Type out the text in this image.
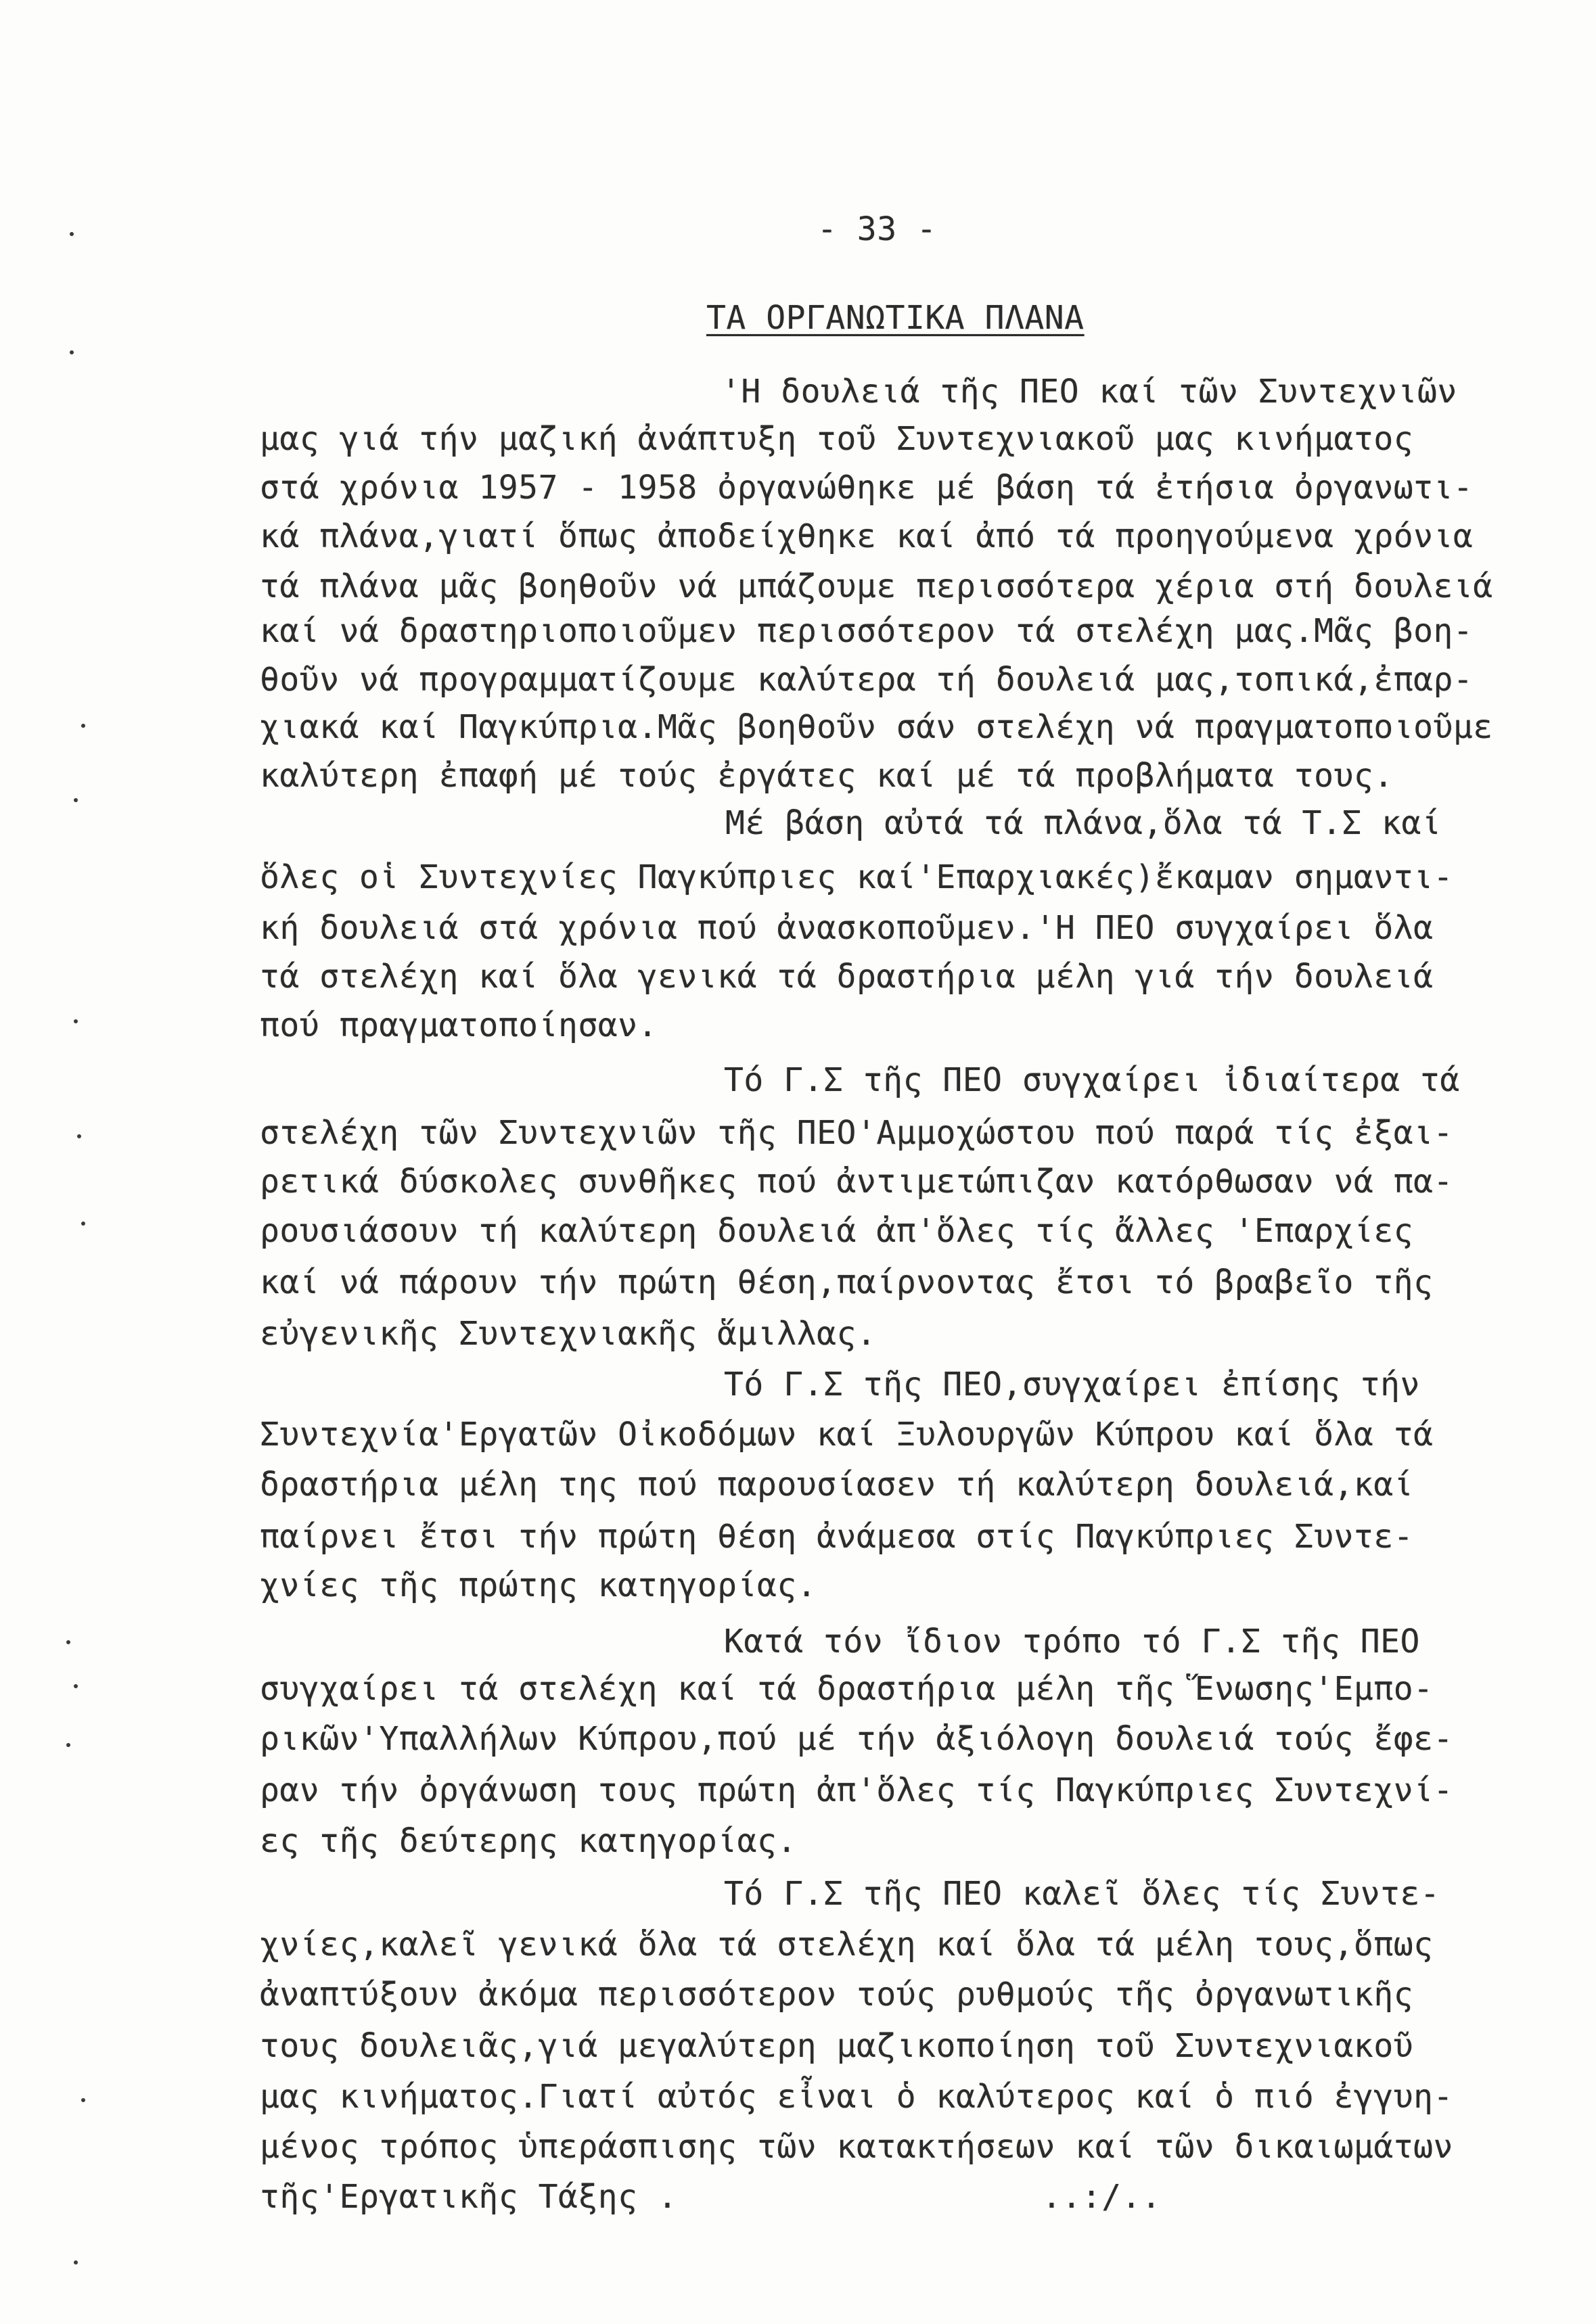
- 33 -
ΤΑ ΟΡΓΑΝΩΤΙΚΑ ΠΛΑΝΑ
'Η δουλειά τῆς ΠΕΟ καί τῶν Συντεχνιῶν
μας γιά τήν μαζική ἀνάπτυξη τοῦ Συντεχνιακοῦ μας κινήματος
στά χρόνια 1957 - 1958 ὀργανώθηκε μέ βάση τά ἐτήσια ὀργανωτι-
κά πλάνα,γιατί ὅπως ἀποδείχθηκε καί ἀπό τά προηγούμενα χρόνια
τά πλάνα μᾶς βοηθοῦν νά μπάζουμε περισσότερα χέρια στή δουλειά
καί νά δραστηριοποιοῦμεν περισσότερον τά στελέχη μας.Μᾶς βοη-
θοῦν νά προγραμματίζουμε καλύτερα τή δουλειά μας,τοπικά,ἐπαρ-
χιακά καί Παγκύπρια.Μᾶς βοηθοῦν σάν στελέχη νά πραγματοποιοῦμε
καλύτερη ἐπαφή μέ τούς ἐργάτες καί μέ τά προβλήματα τους.
Μέ βάση αὐτά τά πλάνα,ὅλα τά Τ.Σ καί
ὅλες οἱ Συντεχνίες Παγκύπριες καί'Επαρχιακές)ἔκαμαν σημαντι-
κή δουλειά στά χρόνια πού ἀνασκοποῦμεν.'Η ΠΕΟ συγχαίρει ὅλα
τά στελέχη καί ὅλα γενικά τά δραστήρια μέλη γιά τήν δουλειά
πού πραγματοποίησαν.
Τό Γ.Σ τῆς ΠΕΟ συγχαίρει ἰδιαίτερα τά
στελέχη τῶν Συντεχνιῶν τῆς ΠΕΟ'Αμμοχώστου πού παρά τίς ἐξαι-
ρετικά δύσκολες συνθῆκες πού ἀντιμετώπιζαν κατόρθωσαν νά πα-
ρουσιάσουν τή καλύτερη δουλειά ἀπ'ὅλες τίς ἄλλες 'Επαρχίες
καί νά πάρουν τήν πρώτη θέση,παίρνοντας ἔτσι τό βραβεῖο τῆς
εὐγενικῆς Συντεχνιακῆς ἅμιλλας.
Τό Γ.Σ τῆς ΠΕΟ,συγχαίρει ἐπίσης τήν
Συντεχνία'Εργατῶν Οἰκοδόμων καί Ξυλουργῶν Κύπρου καί ὅλα τά
δραστήρια μέλη της πού παρουσίασεν τή καλύτερη δουλειά,καί
παίρνει ἔτσι τήν πρώτη θέση ἀνάμεσα στίς Παγκύπριες Συντε-
χνίες τῆς πρώτης κατηγορίας.
Κατά τόν ἴδιον τρόπο τό Γ.Σ τῆς ΠΕΟ
συγχαίρει τά στελέχη καί τά δραστήρια μέλη τῆς Ἕνωσης'Εμπο-
ρικῶν'Υπαλλήλων Κύπρου,πού μέ τήν ἀξιόλογη δουλειά τούς ἔφε-
ραν τήν ὀργάνωση τους πρώτη ἀπ'ὅλες τίς Παγκύπριες Συντεχνί-
ες τῆς δεύτερης κατηγορίας.
Τό Γ.Σ τῆς ΠΕΟ καλεῖ ὅλες τίς Συντε-
χνίες,καλεῖ γενικά ὅλα τά στελέχη καί ὅλα τά μέλη τους,ὅπως
ἀναπτύξουν ἀκόμα περισσότερον τούς ρυθμούς τῆς ὀργανωτικῆς
τους δουλειᾶς,γιά μεγαλύτερη μαζικοποίηση τοῦ Συντεχνιακοῦ
μας κινήματος.Γιατί αὐτός εἶναι ὁ καλύτερος καί ὁ πιό ἐγγυη-
μένος τρόπος ὑπεράσπισης τῶν κατακτήσεων καί τῶν δικαιωμάτων
τῆς'Εργατικῆς Τάξης .	..:/..
